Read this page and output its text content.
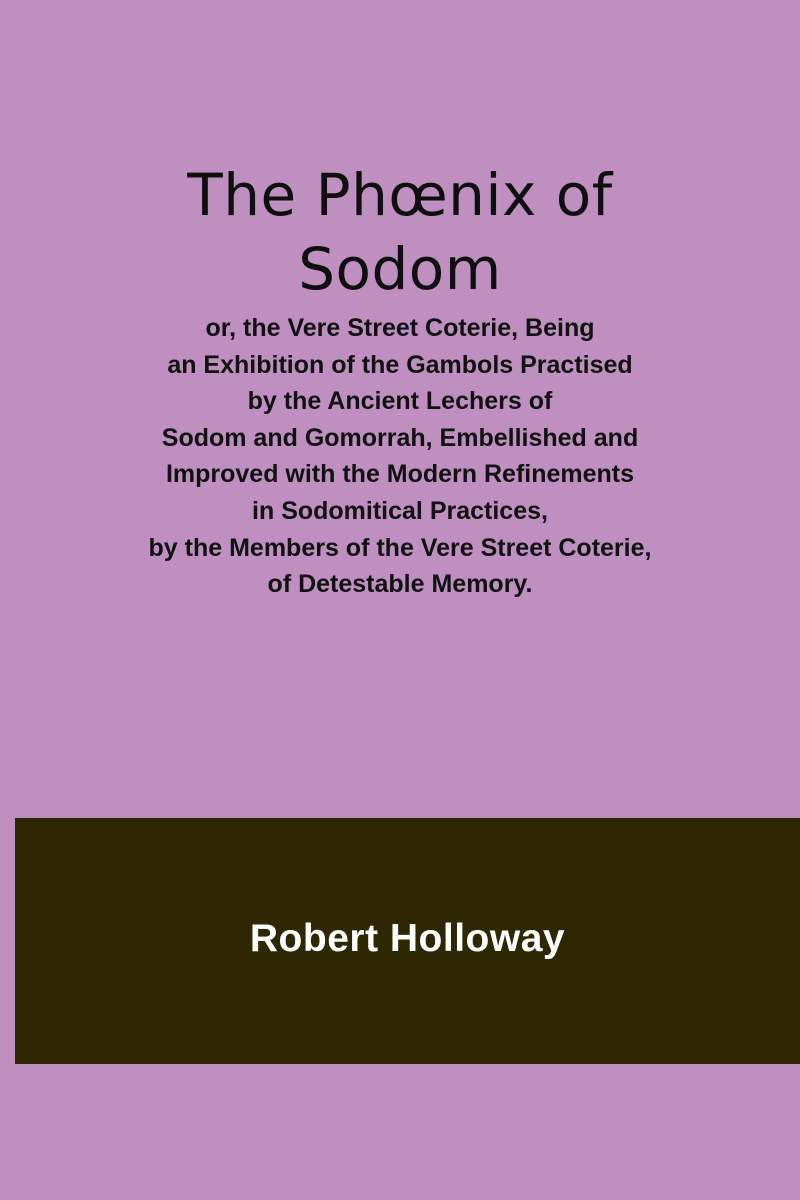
The Phœnix of
Sodom
or, the Vere Street Coterie, Being
an Exhibition of the Gambols Practised
by the Ancient Lechers of
Sodom and Gomorrah, Embellished and
Improved with the Modern Refinements
in Sodomitical Practices,
by the Members of the Vere Street Coterie,
of Detestable Memory.
Robert Holloway
